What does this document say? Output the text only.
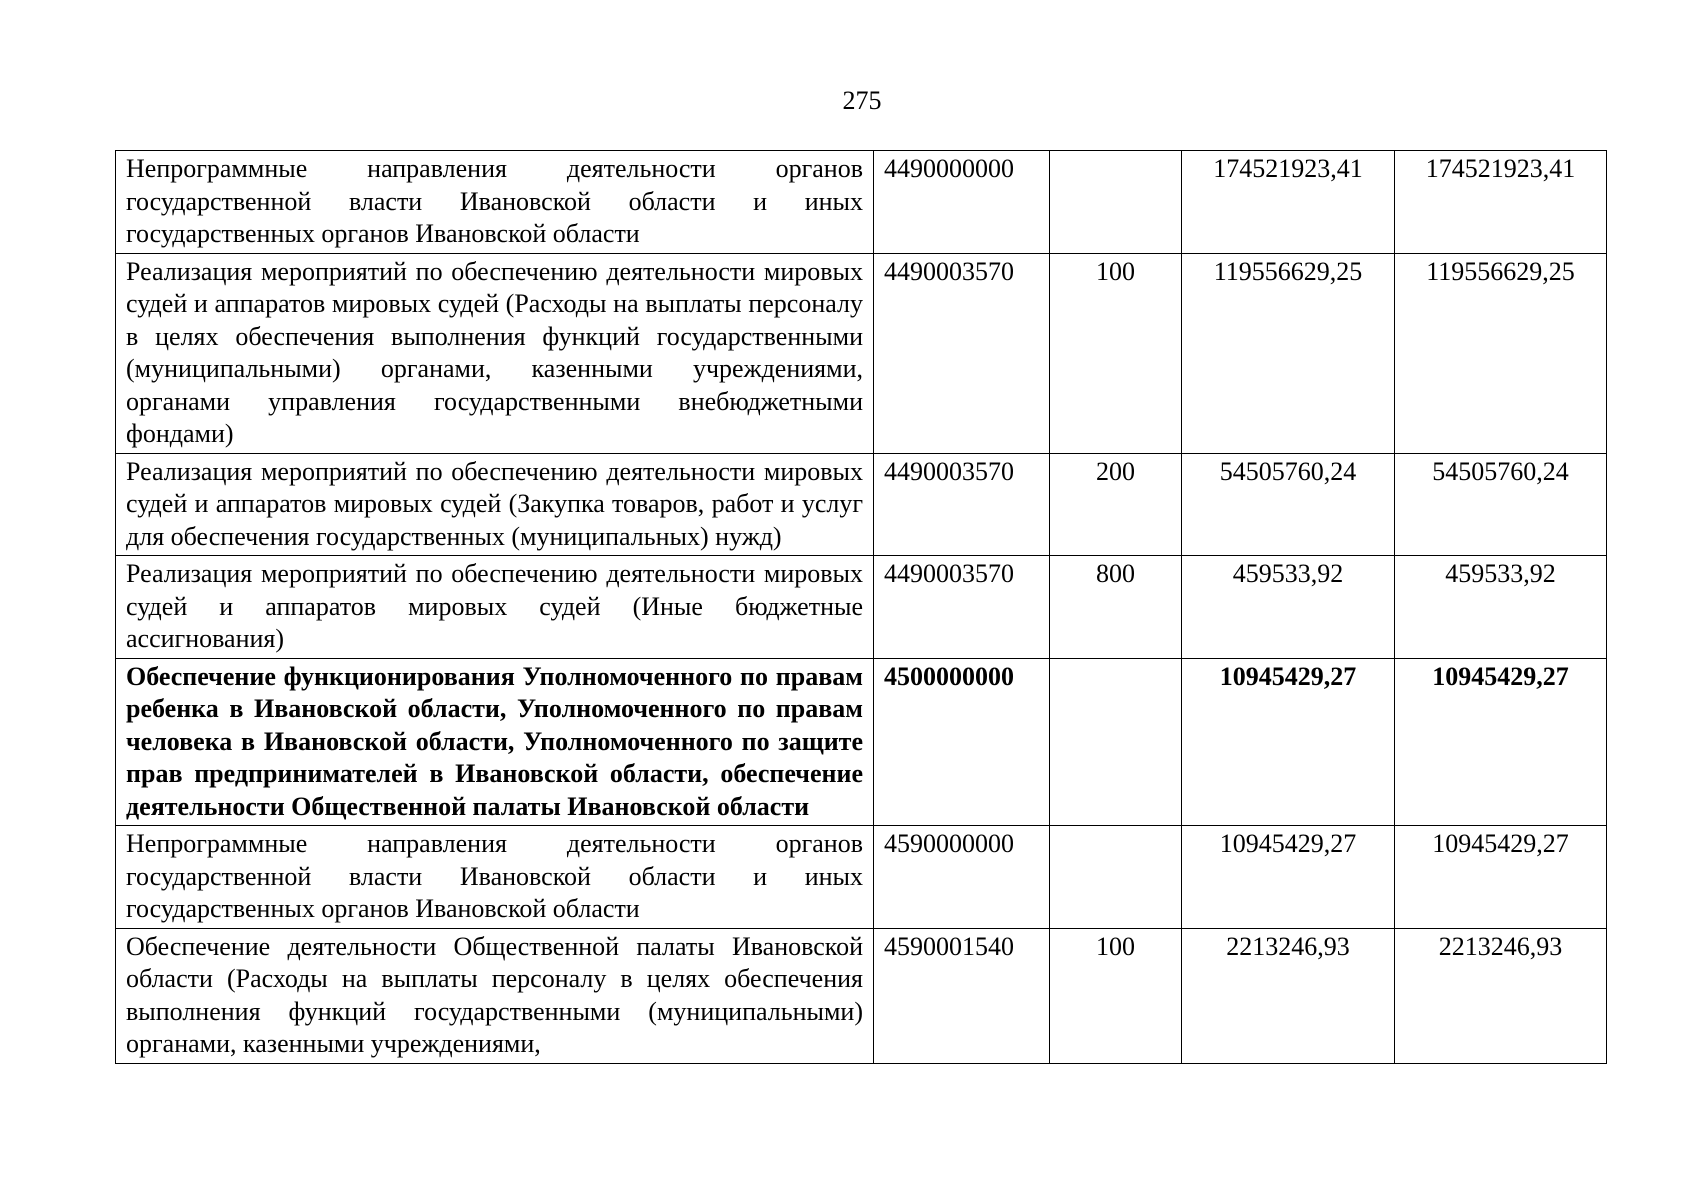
275
Непрограммные направления деятельности органов государственной власти Ивановской области и иных государственных органов Ивановской области	4490000000		174521923,41	174521923,41
Реализация мероприятий по обеспечению деятельности мировых судей и аппаратов мировых судей (Расходы на выплаты персоналу в целях обеспечения выполнения функций государственными (муниципальными) органами, казенными учреждениями, органами управления государственными внебюджетными фондами)	4490003570	100	119556629,25	119556629,25
Реализация мероприятий по обеспечению деятельности мировых судей и аппаратов мировых судей (Закупка товаров, работ и услуг для обеспечения государственных (муниципальных) нужд)	4490003570	200	54505760,24	54505760,24
Реализация мероприятий по обеспечению деятельности мировых судей и аппаратов мировых судей (Иные бюджетные ассигнования)	4490003570	800	459533,92	459533,92
Обеспечение функционирования Уполномоченного по правам ребенка в Ивановской области, Уполномоченного по правам человека в Ивановской области, Уполномоченного по защите прав предпринимателей в Ивановской области, обеспечение деятельности Общественной палаты Ивановской области	4500000000		10945429,27	10945429,27
Непрограммные направления деятельности органов государственной власти Ивановской области и иных государственных органов Ивановской области	4590000000		10945429,27	10945429,27
Обеспечение деятельности Общественной палаты Ивановской области (Расходы на выплаты персоналу в целях обеспечения выполнения функций государственными (муниципальными) органами, казенными учреждениями,	4590001540	100	2213246,93	2213246,93
